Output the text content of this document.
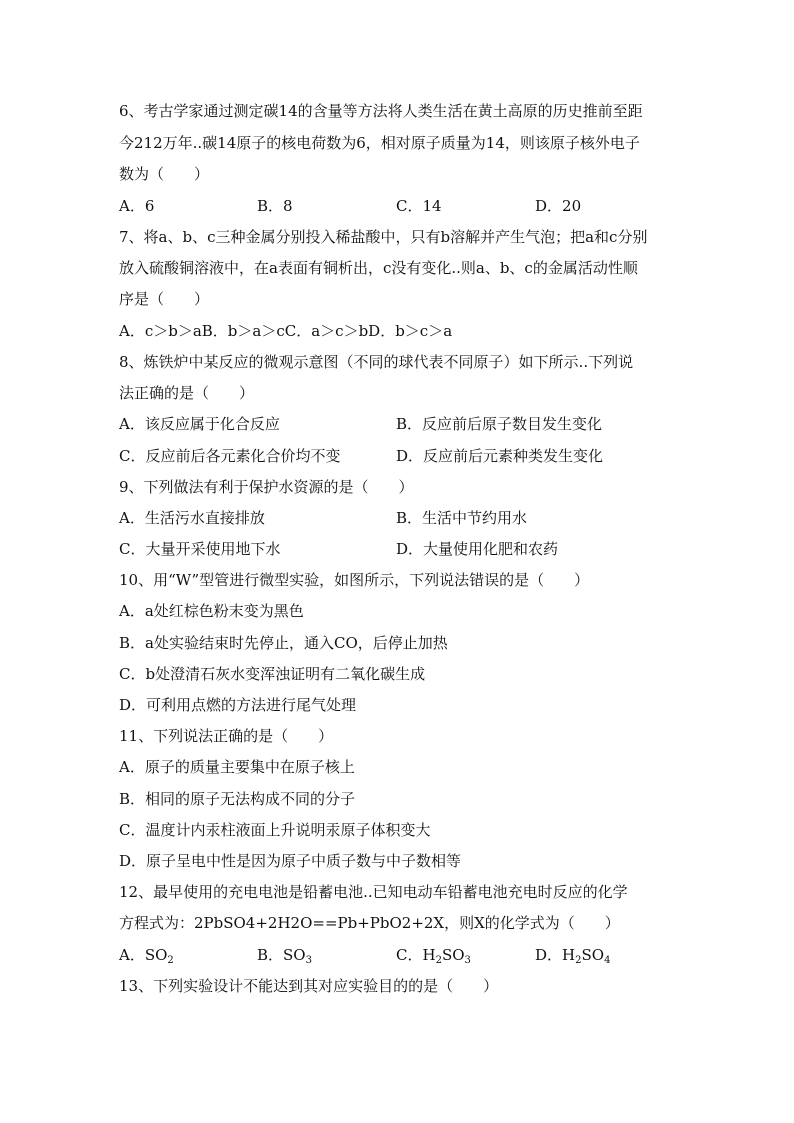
6、考古学家通过测定碳14的含量等方法将人类生活在黄土高原的历史推前至距
今212万年..碳14原子的核电荷数为6，相对原子质量为14，则该原子核外电子
数为（　　）
A．6	B．8	C．14	D．20
7、将a、b、c三种金属分别投入稀盐酸中，只有b溶解并产生气泡；把a和c分别
放入硫酸铜溶液中，在a表面有铜析出，c没有变化..则a、b、c的金属活动性顺
序是（　　）
A．c＞b＞aB．b＞a＞cC．a＞c＞bD．b＞c＞a
8、炼铁炉中某反应的微观示意图（不同的球代表不同原子）如下所示..下列说
法正确的是（　　）
A．该反应属于化合反应	B．反应前后原子数目发生变化
C．反应前后各元素化合价均不变	D．反应前后元素种类发生变化
9、下列做法有利于保护水资源的是（　　）
A．生活污水直接排放	B．生活中节约用水
C．大量开采使用地下水	D．大量使用化肥和农药
10、用“W”型管进行微型实验，如图所示，下列说法错误的是（　　）
A．a处红棕色粉末变为黑色
B．a处实验结束时先停止，通入CO，后停止加热
C．b处澄清石灰水变浑浊证明有二氧化碳生成
D．可利用点燃的方法进行尾气处理
11、下列说法正确的是（　　）
A．原子的质量主要集中在原子核上
B．相同的原子无法构成不同的分子
C．温度计内汞柱液面上升说明汞原子体积变大
D．原子呈电中性是因为原子中质子数与中子数相等
12、最早使用的充电电池是铅蓄电池..已知电动车铅蓄电池充电时反应的化学
方程式为：2PbSO4+2H2O==Pb+PbO2+2X，则X的化学式为（　　）
A．$SO_2$	B．$SO_3$	C．$H_2SO_3$	D．$H_2SO_4$
13、下列实验设计不能达到其对应实验目的的是（　　）
